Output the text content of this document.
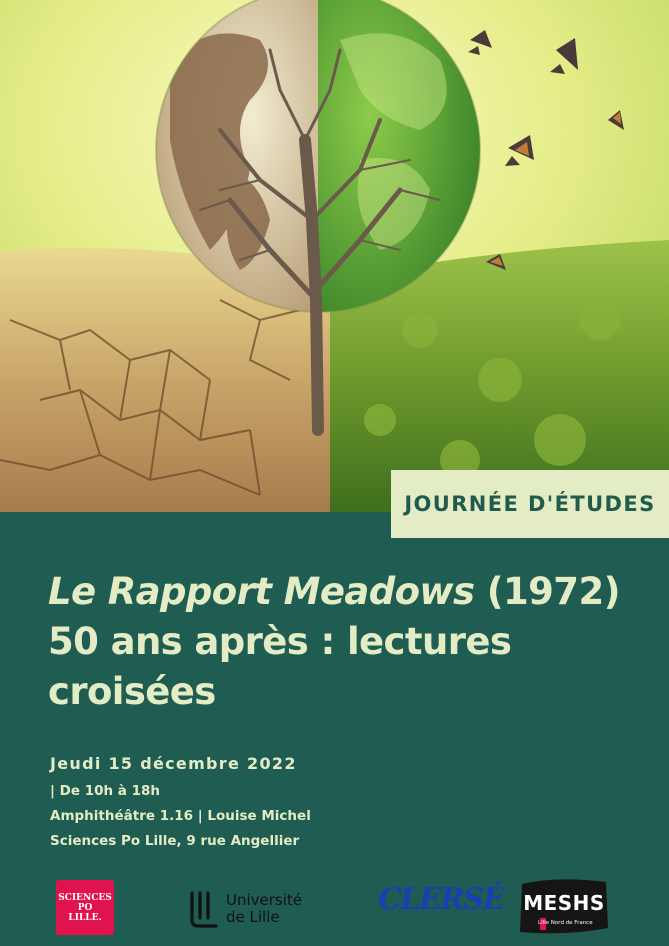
JOURNÉE D'ÉTUDES
Le Rapport Meadows (1972)
50 ans après : lectures
croisées
Jeudi 15 décembre 2022
| De 10h à 18h
Amphithéâtre 1.16 | Louise Michel
Sciences Po Lille, 9 rue Angellier
SCIENCES
PO
LILLE.
Université
de Lille	CLERSÉ MESHS
Lille Nord de France
